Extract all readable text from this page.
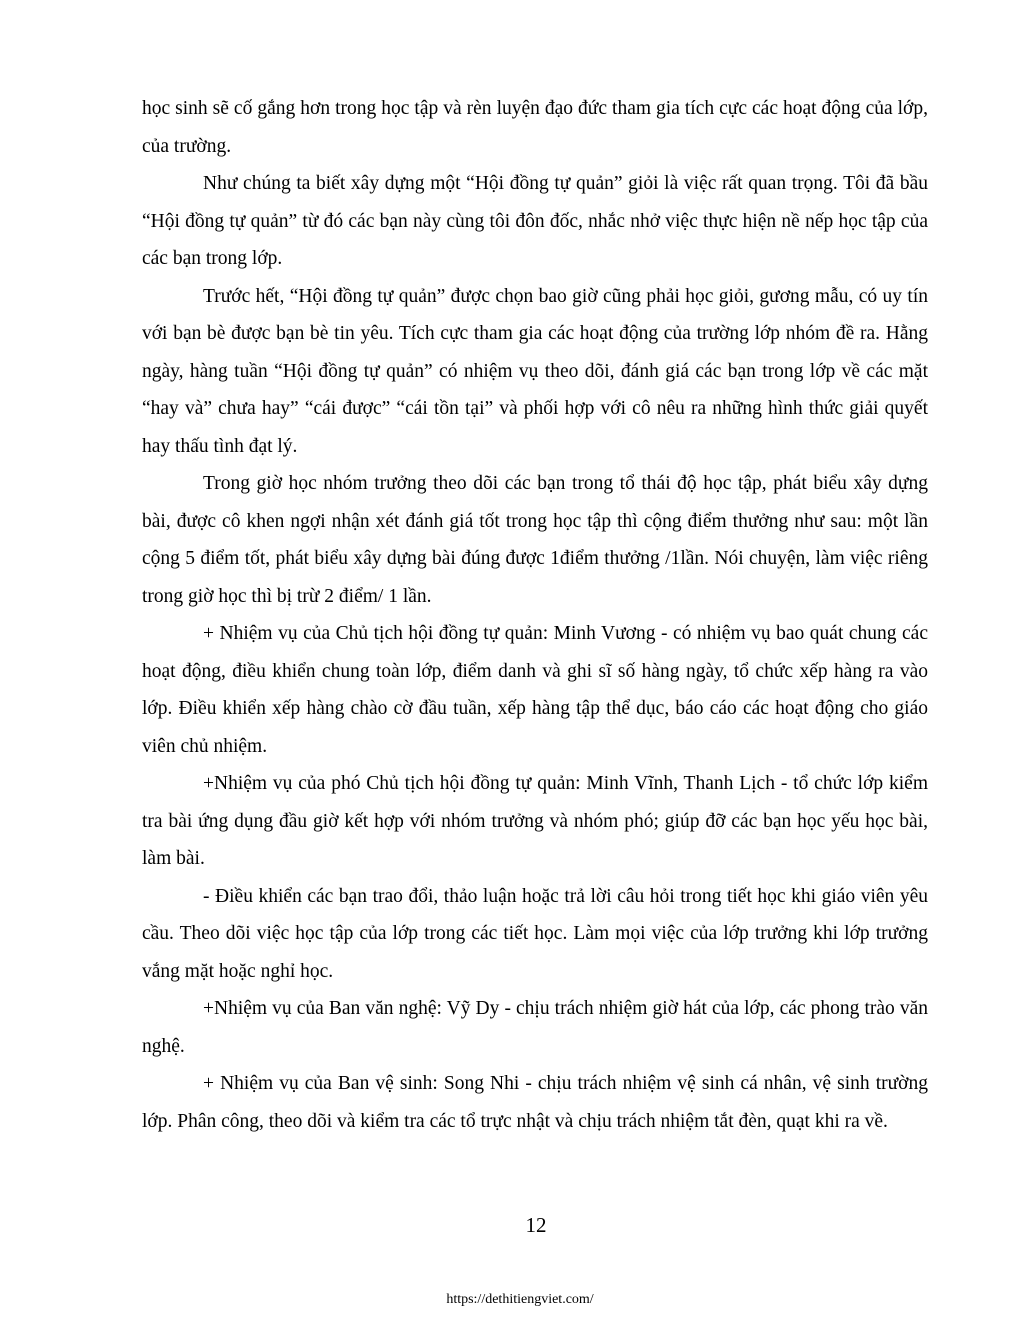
học sinh sẽ cố gắng hơn trong học tập và rèn luyện đạo đức tham gia tích cực các hoạt động của lớp, của trường.

Như chúng ta biết xây dựng một “Hội đồng tự quản” giỏi là việc rất quan trọng. Tôi đã bầu “Hội đồng tự quản” từ đó các bạn này cùng tôi đôn đốc, nhắc nhở việc thực hiện nề nếp học tập của các bạn trong lớp.

Trước hết, “Hội đồng tự quản” được chọn bao giờ cũng phải học giỏi, gương mẫu, có uy tín với bạn bè được bạn bè tin yêu. Tích cực tham gia các hoạt động của trường lớp nhóm đề ra. Hằng ngày, hàng tuần “Hội đồng tự quản” có nhiệm vụ theo dõi, đánh giá các bạn trong lớp về các mặt “hay và” chưa hay” “cái được” “cái tồn tại” và phối hợp với cô nêu ra những hình thức giải quyết hay thấu tình đạt lý.

Trong giờ học nhóm trưởng theo dõi các bạn trong tổ thái độ học tập, phát biểu xây dựng bài, được cô khen ngợi nhận xét đánh giá tốt trong học tập thì cộng điểm thưởng như sau: một lần cộng 5 điểm tốt, phát biểu xây dựng bài đúng được 1điểm thưởng /1lần. Nói chuyện, làm việc riêng trong giờ học thì bị trừ 2 điểm/ 1 lần.

+ Nhiệm vụ của Chủ tịch hội đồng tự quản: Minh Vương - có nhiệm vụ bao quát chung các hoạt động, điều khiển chung toàn lớp, điểm danh và ghi sĩ số hàng ngày, tổ chức xếp hàng ra vào lớp. Điều khiển xếp hàng chào cờ đầu tuần, xếp hàng tập thể dục, báo cáo các hoạt động cho giáo viên chủ nhiệm.

+Nhiệm vụ của phó Chủ tịch hội đồng tự quản: Minh Vĩnh, Thanh Lịch - tổ chức lớp kiểm tra bài ứng dụng đầu giờ kết hợp với nhóm trưởng và nhóm phó; giúp đỡ các bạn học yếu học bài, làm bài.

- Điều khiển các bạn trao đổi, thảo luận hoặc trả lời câu hỏi trong tiết học khi giáo viên yêu cầu. Theo dõi việc học tập của lớp trong các tiết học. Làm mọi việc của lớp trưởng khi lớp trưởng vắng mặt hoặc nghỉ học.

+Nhiệm vụ của Ban văn nghệ: Vỹ Dy - chịu trách nhiệm giờ hát của lớp, các phong trào văn nghệ.

+ Nhiệm vụ của Ban vệ sinh: Song Nhi - chịu trách nhiệm vệ sinh cá nhân, vệ sinh trường lớp. Phân công, theo dõi và kiểm tra các tổ trực nhật và chịu trách nhiệm tắt đèn, quạt khi ra về.

12
https://dethitiengviet.com/
